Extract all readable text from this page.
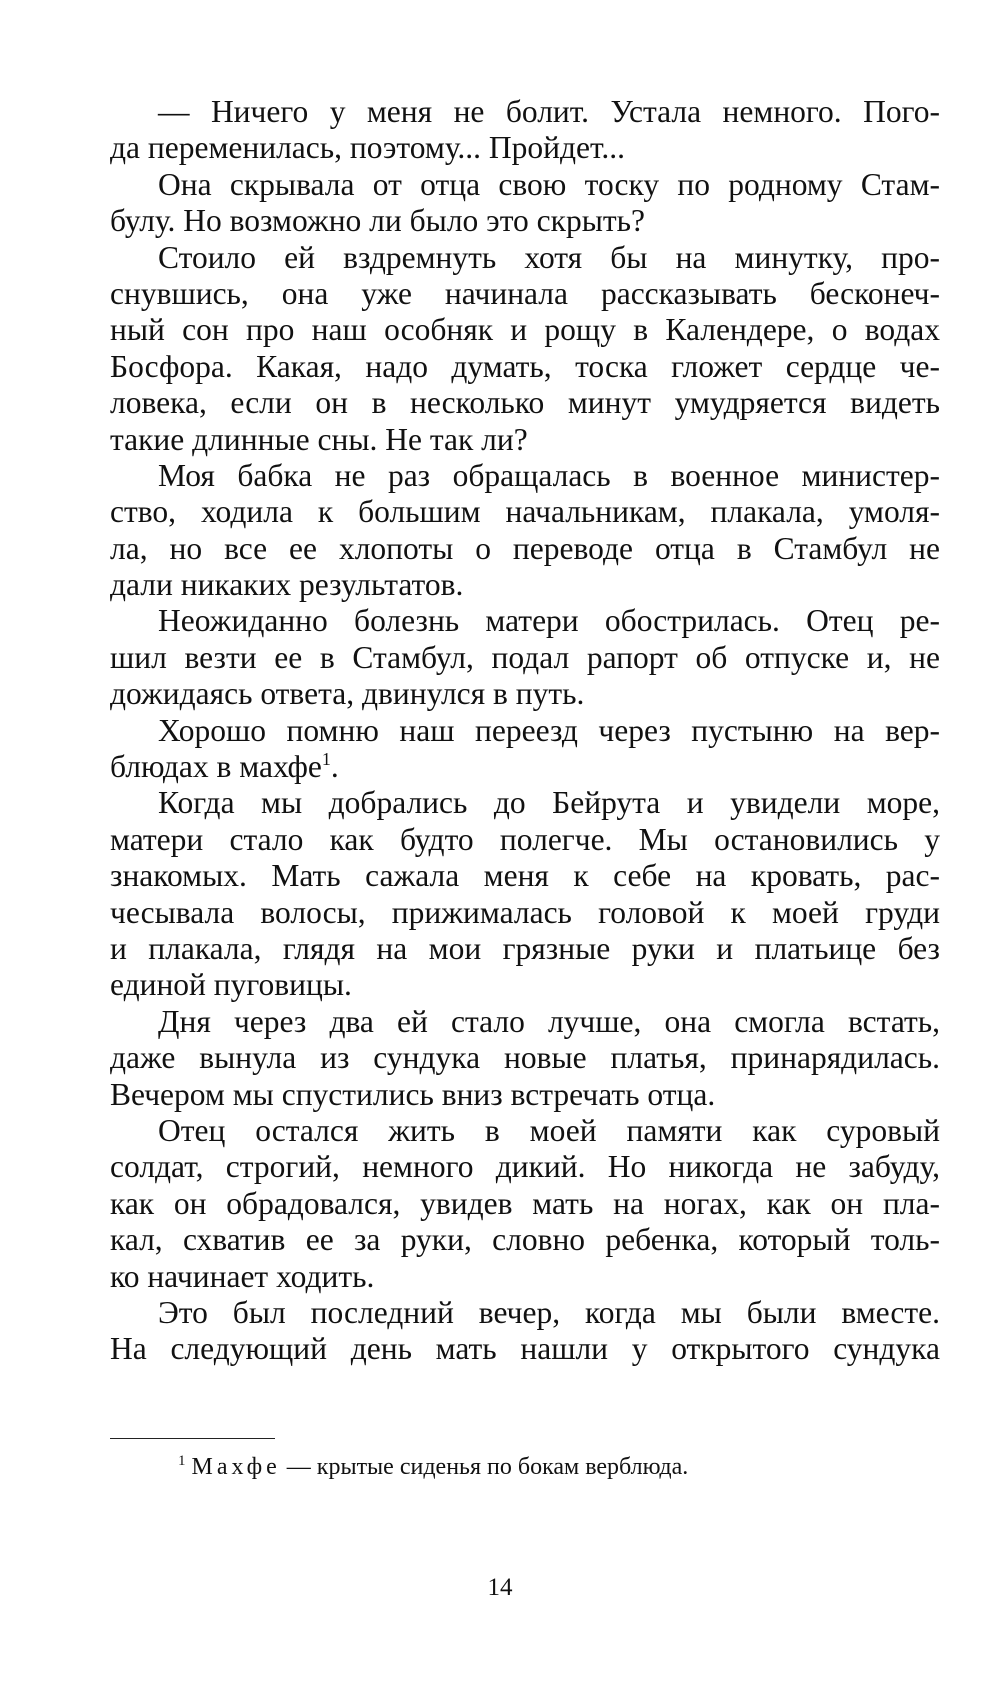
— Ничего у меня не болит. Устала немного. Пого-
да переменилась, поэтому... Пройдет...
Она скрывала от отца свою тоску по родному Стам-
булу. Но возможно ли было это скрыть?
Стоило ей вздремнуть хотя бы на минутку, про-
снувшись, она уже начинала рассказывать бесконеч-
ный сон про наш особняк и рощу в Календере, о водах
Босфора. Какая, надо думать, тоска гложет сердце че-
ловека, если он в несколько минут умудряется видеть
такие длинные сны. Не так ли?
Моя бабка не раз обращалась в военное министер-
ство, ходила к большим начальникам, плакала, умоля-
ла, но все ее хлопоты о переводе отца в Стамбул не
дали никаких результатов.
Неожиданно болезнь матери обострилась. Отец ре-
шил везти ее в Стамбул, подал рапорт об отпуске и, не
дожидаясь ответа, двинулся в путь.
Хорошо помню наш переезд через пустыню на вер-
блюдах в махфе$^1$.
Когда мы добрались до Бейрута и увидели море,
матери стало как будто полегче. Мы остановились у
знакомых. Мать сажала меня к себе на кровать, рас-
чесывала волосы, прижималась головой к моей груди
и плакала, глядя на мои грязные руки и платьице без
единой пуговицы.
Дня через два ей стало лучше, она смогла встать,
даже вынула из сундука новые платья, принарядилась.
Вечером мы спустились вниз встречать отца.
Отец остался жить в моей памяти как суровый
солдат, строгий, немного дикий. Но никогда не забуду,
как он обрадовался, увидев мать на ногах, как он пла-
кал, схватив ее за руки, словно ребенка, который толь-
ко начинает ходить.
Это был последний вечер, когда мы были вместе.
На следующий день мать нашли у открытого сундука
$^1$ Махфе — крытые сиденья по бокам верблюда.
14
